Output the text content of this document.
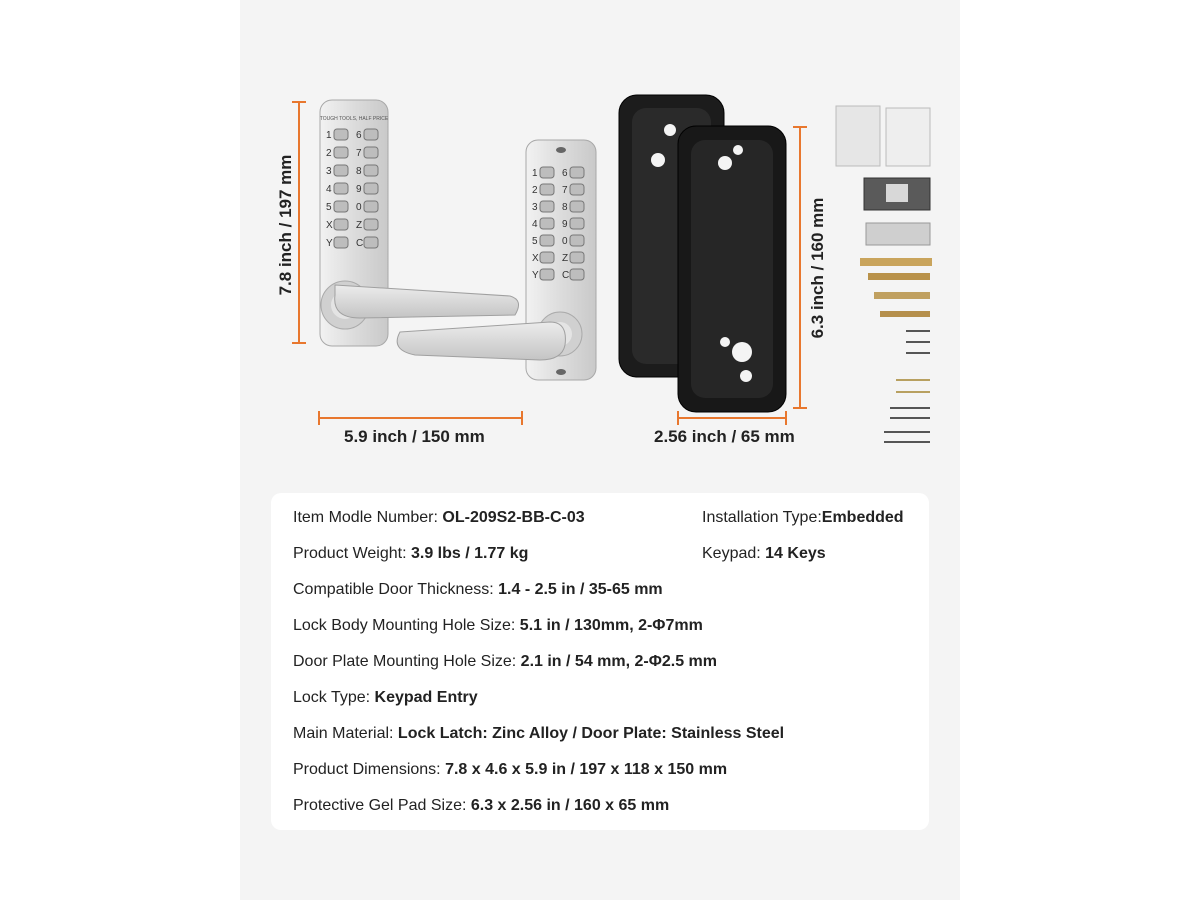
TOUGH TOOLS, HALF PRICE
1 6
2 7
3 8
4 9
5 0
X Z
Y C
1 6
2 7
3 8
4 9
5 0
X Z
Y C
7.8 inch / 197 mm
5.9 inch / 150 mm
6.3 inch / 160 mm
2.56 inch / 65 mm
Item Modle Number: OL-209S2-BB-C-03	Installation Type:Embedded
Product Weight: 3.9 lbs / 1.77 kg	Keypad: 14 Keys
Compatible Door Thickness: 1.4 - 2.5 in / 35-65 mm
Lock Body Mounting Hole Size: 5.1 in / 130mm, 2-Φ7mm
Door Plate Mounting Hole Size: 2.1 in / 54 mm, 2-Φ2.5 mm
Lock Type: Keypad Entry
Main Material: Lock Latch: Zinc Alloy / Door Plate: Stainless Steel
Product Dimensions: 7.8 x 4.6 x 5.9 in / 197 x 118 x 150 mm
Protective Gel Pad Size: 6.3 x 2.56 in / 160 x 65 mm
